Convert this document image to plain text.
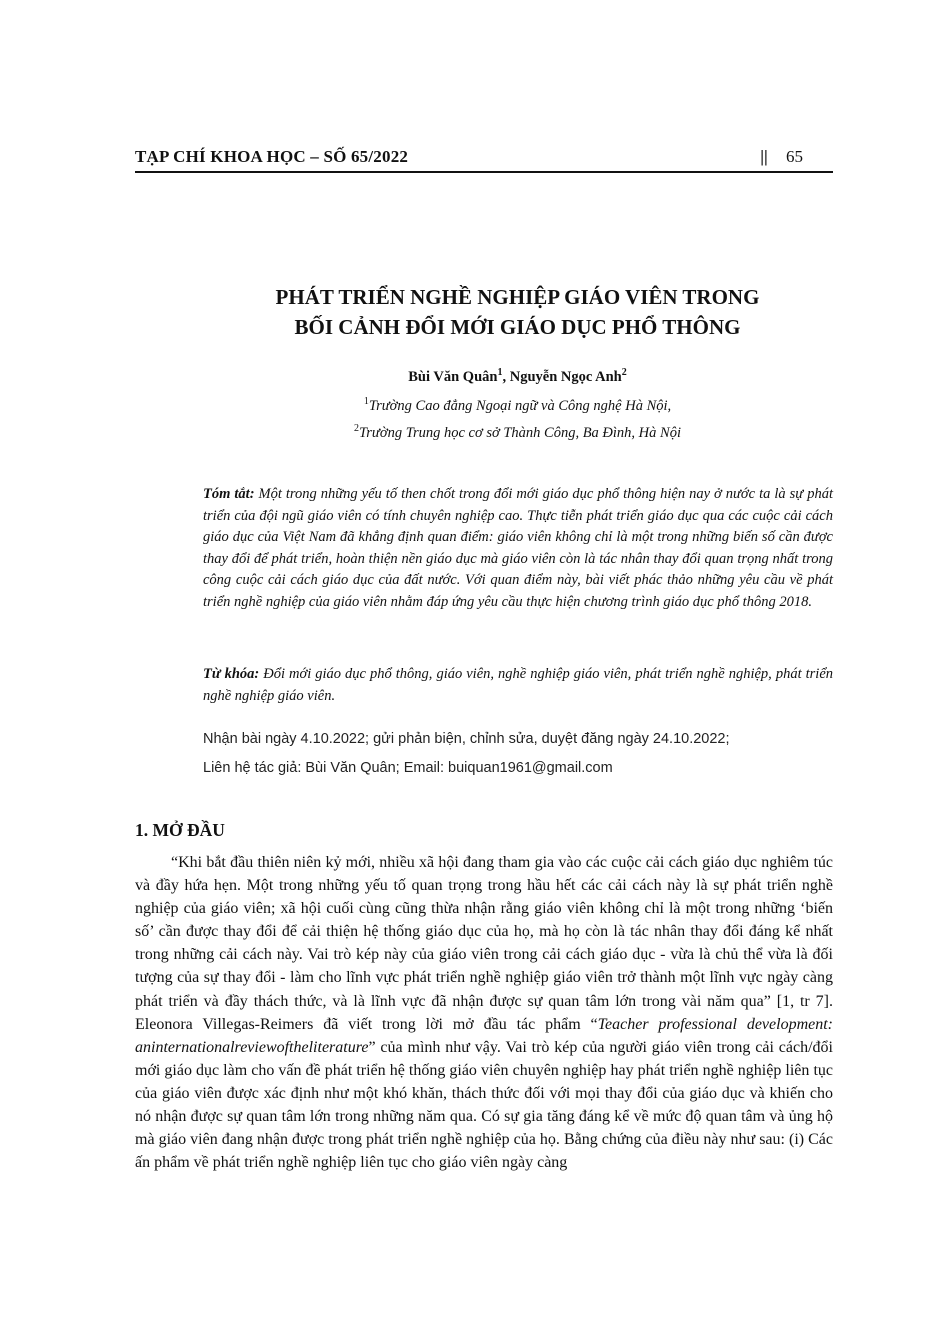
TẠP CHÍ KHOA HỌC – SỐ 65/2022	|| 65
PHÁT TRIỂN NGHỀ NGHIỆP GIÁO VIÊN TRONG
BỐI CẢNH ĐỔI MỚI GIÁO DỤC PHỔ THÔNG
Bùi Văn Quân$^1$, Nguyễn Ngọc Anh$^2$
$^1$Trường Cao đẳng Ngoại ngữ và Công nghệ Hà Nội,
$^2$Trường Trung học cơ sở Thành Công, Ba Đình, Hà Nội

Tóm tắt: Một trong những yếu tố then chốt trong đổi mới giáo dục phổ thông hiện nay ở nước ta là sự phát triển của đội ngũ giáo viên có tính chuyên nghiệp cao. Thực tiễn phát triển giáo dục qua các cuộc cải cách giáo dục của Việt Nam đã khẳng định quan điểm: giáo viên không chỉ là một trong những biến số cần được thay đổi để phát triển, hoàn thiện nền giáo dục mà giáo viên còn là tác nhân thay đổi quan trọng nhất trong công cuộc cải cách giáo dục của đất nước. Với quan điểm này, bài viết phác thảo những yêu cầu về phát triển nghề nghiệp của giáo viên nhằm đáp ứng yêu cầu thực hiện chương trình giáo dục phổ thông 2018.

Từ khóa: Đổi mới giáo dục phổ thông, giáo viên, nghề nghiệp giáo viên, phát triển nghề nghiệp, phát triển nghề nghiệp giáo viên.

Nhận bài ngày 4.10.2022; gửi phản biện, chỉnh sửa, duyệt đăng ngày 24.10.2022;
Liên hệ tác giả: Bùi Văn Quân; Email: buiquan1961@gmail.com
1. MỞ ĐẦU

“Khi bắt đầu thiên niên kỷ mới, nhiều xã hội đang tham gia vào các cuộc cải cách giáo dục nghiêm túc và đầy hứa hẹn. Một trong những yếu tố quan trọng trong hầu hết các cải cách này là sự phát triển nghề nghiệp của giáo viên; xã hội cuối cùng cũng thừa nhận rằng giáo viên không chỉ là một trong những ‘biến số’ cần được thay đổi để cải thiện hệ thống giáo dục của họ, mà họ còn là tác nhân thay đổi đáng kể nhất trong những cải cách này. Vai trò kép này của giáo viên trong cải cách giáo dục - vừa là chủ thể vừa là đối tượng của sự thay đổi - làm cho lĩnh vực phát triển nghề nghiệp giáo viên trở thành một lĩnh vực ngày càng phát triển và đầy thách thức, và là lĩnh vực đã nhận được sự quan tâm lớn trong vài năm qua” [1, tr 7]. Eleonora Villegas-Reimers đã viết trong lời mở đầu tác phẩm “Teacher professional development: aninternationalreviewoftheliterature” của mình như vậy. Vai trò kép của người giáo viên trong cải cách/đổi mới giáo dục làm cho vấn đề phát triển hệ thống giáo viên chuyên nghiệp hay phát triển nghề nghiệp liên tục của giáo viên được xác định như một khó khăn, thách thức đối với mọi thay đổi của giáo dục và khiến cho nó nhận được sự quan tâm lớn trong những năm qua. Có sự gia tăng đáng kể về mức độ quan tâm và ủng hộ mà giáo viên đang nhận được trong phát triển nghề nghiệp của họ. Bằng chứng của điều này như sau: (i) Các ấn phẩm về phát triển nghề nghiệp liên tục cho giáo viên ngày càng
